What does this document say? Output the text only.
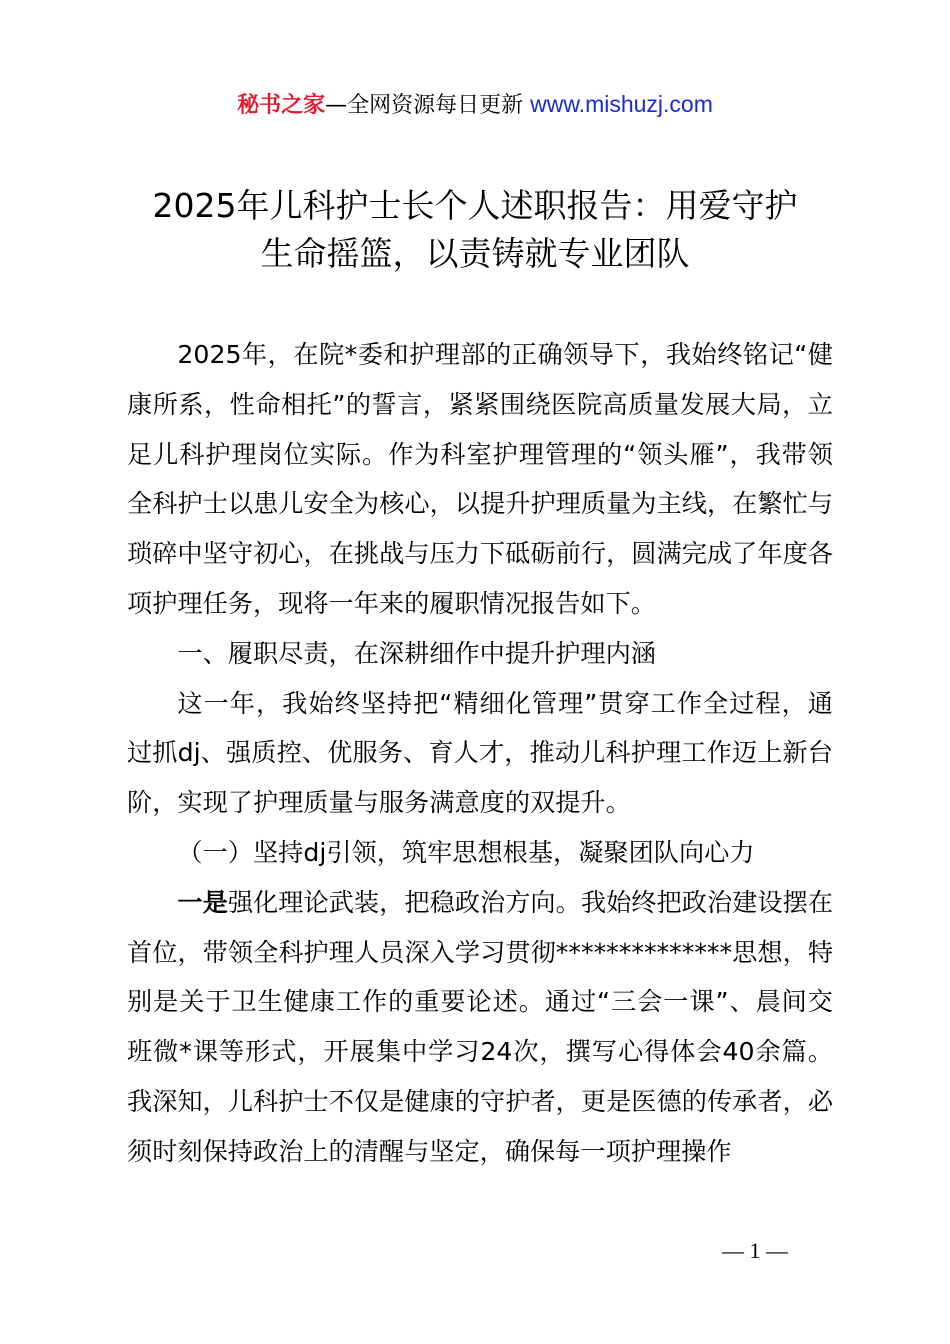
秘书之家—全网资源每日更新 www.mishuzj.com
2025年儿科护士长个人述职报告：用爱守护
生命摇篮，以责铸就专业团队

2025年，在院*委和护理部的正确领导下，我始终铭记“健康所系，性命相托”的誓言，紧紧围绕医院高质量发展大局，立足儿科护理岗位实际。作为科室护理管理的“领头雁”，我带领全科护士以患儿安全为核心，以提升护理质量为主线，在繁忙与琐碎中坚守初心，在挑战与压力下砥砺前行，圆满完成了年度各项护理任务，现将一年来的履职情况报告如下。

一、履职尽责，在深耕细作中提升护理内涵

这一年，我始终坚持把“精细化管理”贯穿工作全过程，通过抓dj、强质控、优服务、育人才，推动儿科护理工作迈上新台阶，实现了护理质量与服务满意度的双提升。

（一）坚持dj引领，筑牢思想根基，凝聚团队向心力

一是强化理论武装，把稳政治方向。我始终把政治建设摆在首位，带领全科护理人员深入学习贯彻**************思想，特别是关于卫生健康工作的重要论述。通过“三会一课”、晨间交班微*课等形式，开展集中学习24次，撰写心得体会40余篇。我深知，儿科护士不仅是健康的守护者，更是医德的传承者，必须时刻保持政治上的清醒与坚定，确保每一项护理操作

— 1 —
